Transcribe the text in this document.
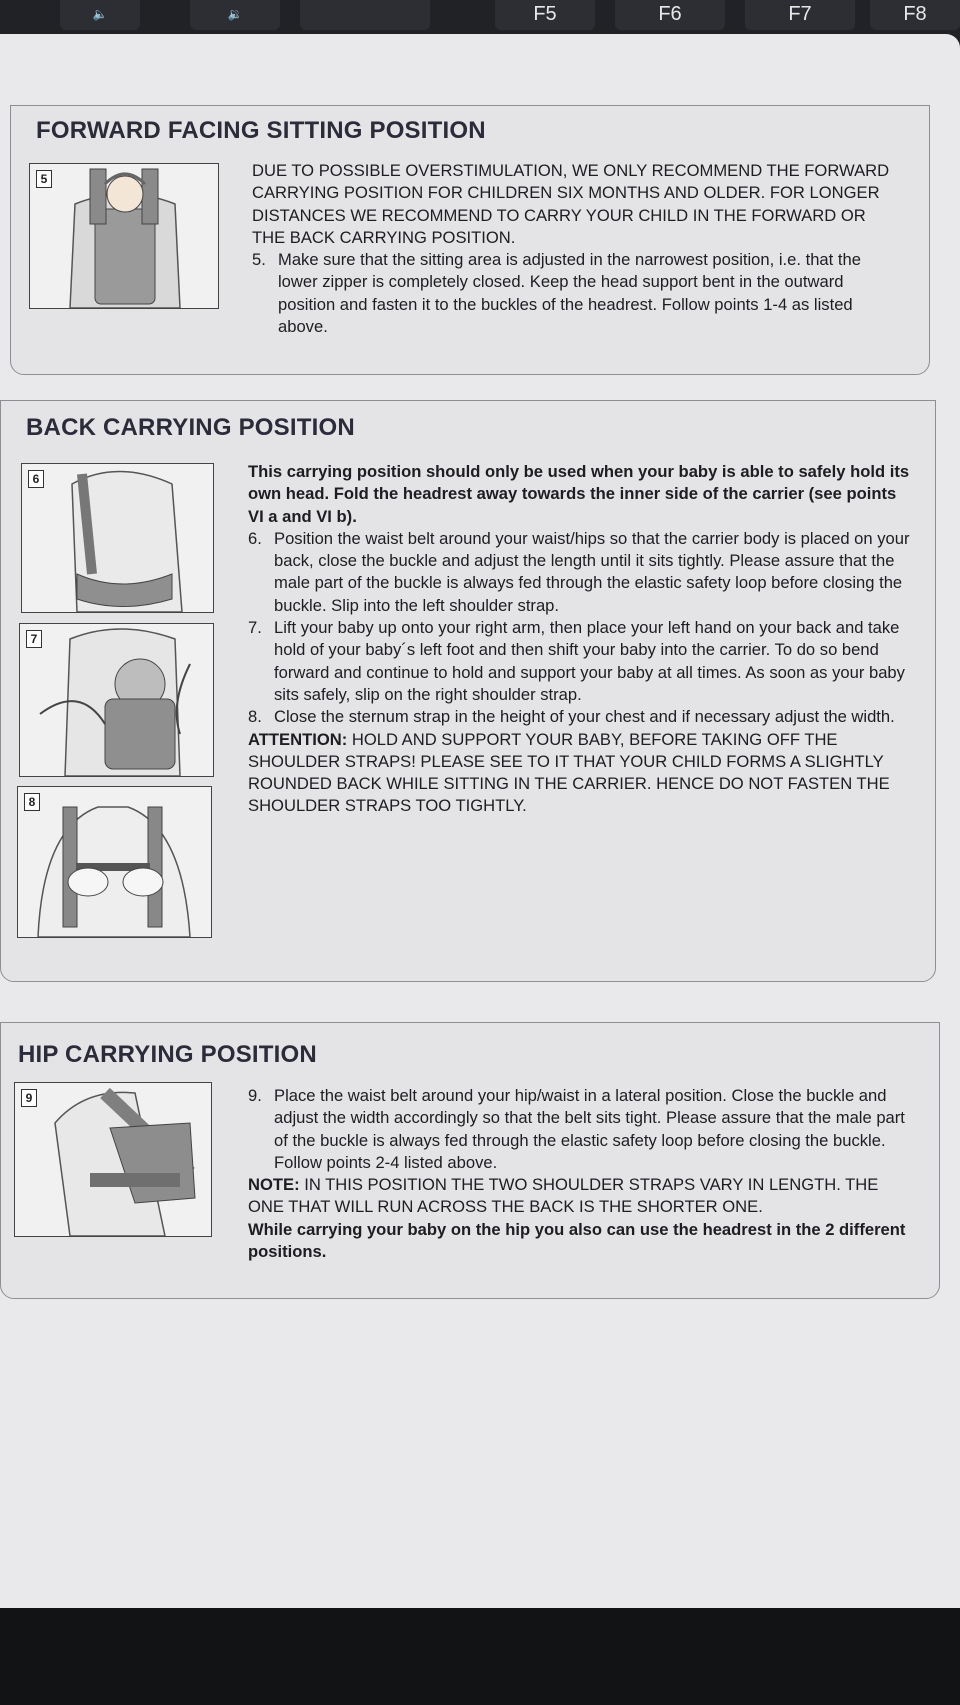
🔈	🔉	F5	F6	F7	F8
FORWARD FACING SITTING POSITION
5	DUE TO POSSIBLE OVERSTIMULATION, WE ONLY RECOMMEND THE FORWARD CARRYING POSITION FOR CHILDREN SIX MONTHS AND OLDER. FOR LONGER DISTANCES WE RECOMMEND TO CARRY YOUR CHILD IN THE FORWARD OR THE BACK CARRYING POSITION.

5. Make sure that the sitting area is adjusted in the narrowest position, i.e. that the lower zipper is completely closed. Keep the head support bent in the outward position and fasten it to the buckles of the headrest. Follow points 1-4 as listed above.
BACK CARRYING POSITION
6
7
8

This carrying position should only be used when your baby is able to safely hold its own head. Fold the headrest away towards the inner side of the carrier (see points VI a and VI b).

6. Position the waist belt around your waist/hips so that the carrier body is placed on your back, close the buckle and adjust the length until it sits tightly. Please assure that the male part of the buckle is always fed through the elastic safety loop before closing the buckle. Slip into the left shoulder strap.
7. Lift your baby up onto your right arm, then place your left hand on your back and take hold of your baby´s left foot and then shift your baby into the carrier. To do so bend forward and continue to hold and support your baby at all times. As soon as your baby sits safely, slip on the right shoulder strap.
8. Close the sternum strap in the height of your chest and if necessary adjust the width.

ATTENTION: HOLD AND SUPPORT YOUR BABY, BEFORE TAKING OFF THE SHOULDER STRAPS! PLEASE SEE TO IT THAT YOUR CHILD FORMS A SLIGHTLY ROUNDED BACK WHILE SITTING IN THE CARRIER. HENCE DO NOT FASTEN THE SHOULDER STRAPS TOO TIGHTLY.

HIP CARRYING POSITION
9	9. Place the waist belt around your hip/waist in a lateral position. Close the buckle and adjust the width accordingly so that the belt sits tight. Please assure that the male part of the buckle is always fed through the elastic safety loop before closing the buckle. Follow points 2-4 listed above.

NOTE: IN THIS POSITION THE TWO SHOULDER STRAPS VARY IN LENGTH. THE ONE THAT WILL RUN ACROSS THE BACK IS THE SHORTER ONE.

While carrying your baby on the hip you also can use the headrest in the 2 different positions.
